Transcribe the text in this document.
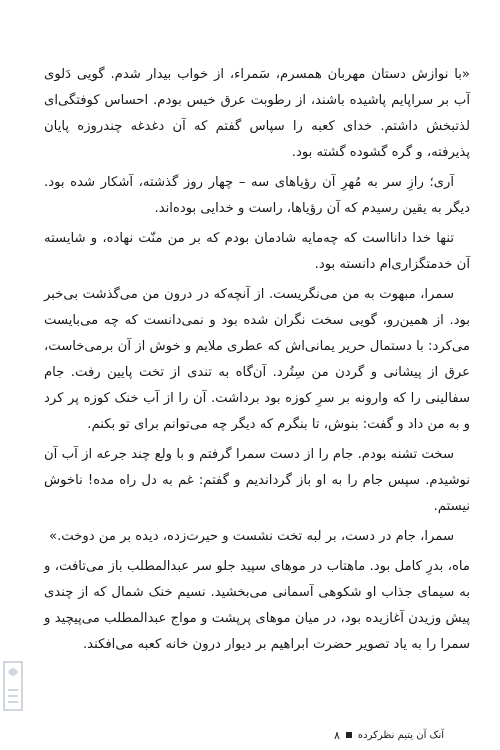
«با نوازش دستان مهربان همسرم، سَمراء، از خواب بیدار شدم. گویی دَلوی آب بر سراپایم پاشیده باشند، از رطوبت عرق خیس بودم. احساس کوفتگی‌ای لذتبخش داشتم. خدای کعبه را سپاس گفتم که آن دغدغه چندروزه پایان پذیرفته، و گره گشوده گشته بود.

آری؛ رازِ سر به مُهرِ آن رؤیاهای سه – چهار روز گذشته، آشکار شده بود. دیگر به یقین رسیدم که آن رؤیاها، راست و خدایی بوده‌اند.

تنها خدا دانااست که چه‌مایه شادمان بودم که بر من منّت نهاده، و شایسته آن خدمتگزاری‌ام دانسته بود.

سمرا، مبهوت به من می‌نگریست. از آنچه‌که در درون من می‌گذشت بی‌خبر بود. از همین‌رو، گویی سخت نگران شده بود و نمی‌دانست که چه می‌بایست می‌کرد: با دستمال حریر یمانی‌اش که عطری ملایم و خوش از آن برمی‌خاست، عرق از پیشانی و گردن من سِتُرد. آن‌گاه به تندی از تخت پایین رفت. جام سفالینی را که وارونه بر سرِ کوزه بود برداشت. آن را از آب خنک کوزه پر کرد و به من داد و گفت: بنوش، تا بنگرم که دیگر چه می‌توانم برای تو بکنم.

سخت تشنه بودم. جام را از دست سمرا گرفتم و با ولع چند جرعه از آب آن نوشیدم. سپس جام را به او باز گرداندیم و گفتم: غم به دل راه مده! ناخوش نیستم.

سمرا، جام در دست، بر لبه تخت نشست و حیرت‌زده، دیده بر من دوخت.»

ماه، بدرِ کامل بود. ماهتاب در موهای سپید جلو سر عبدالمطلب باز می‌تافت، و به سیمای جذاب او شکوهی آسمانی می‌بخشید. نسیم خنک شمال که از چندی پیش وزیدن آغازیده بود، در میان موهای پرپشت و مواج عبدالمطلب می‌پیچید و سمرا را به یاد تصویر حضرت ابراهیم بر دیوار درون خانه کعبه می‌افکند.

۸ آنک آن یتیم نظرکرده
